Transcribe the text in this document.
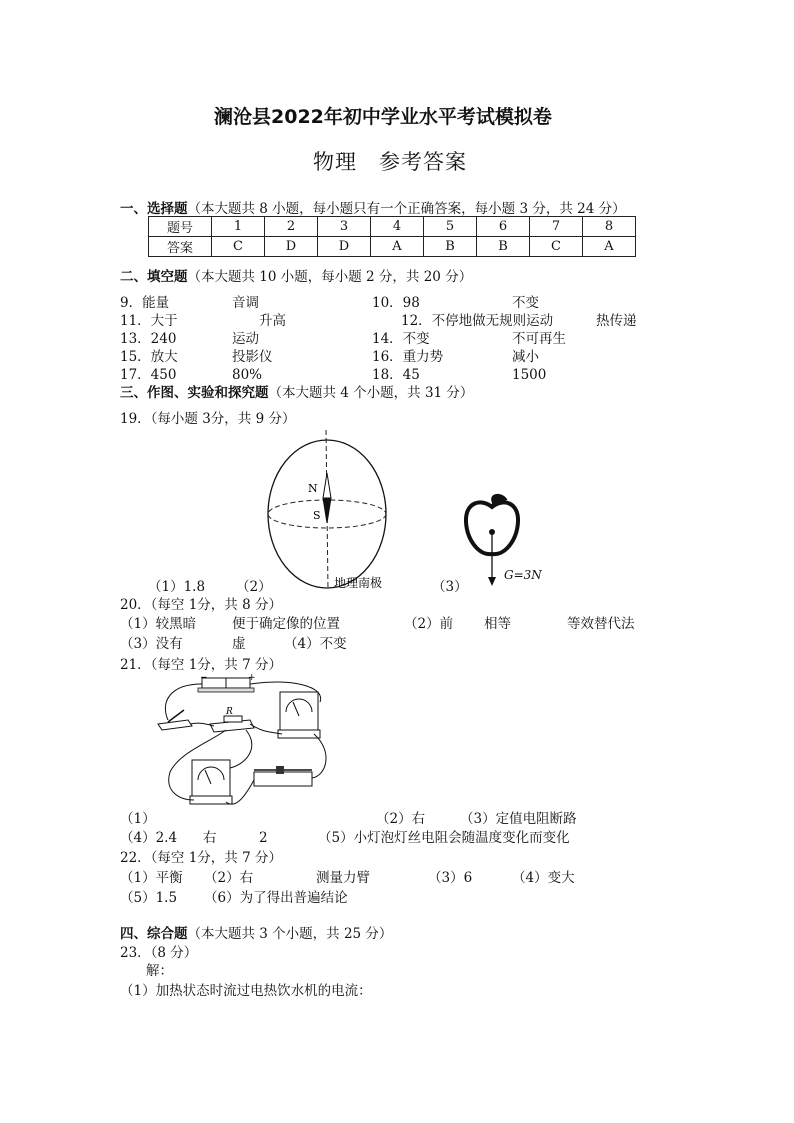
澜沧县2022年初中学业水平考试模拟卷
物理　参考答案
一、选择题（本大题共 8 小题，每小题只有一个正确答案，每小题 3 分，共 24 分）
题号	1	2	3	4	5	6	7	8
答案	C	D	D	A	B	B	C	A
二、填空题（本大题共 10 小题，每小题 2 分，共 20 分）
9．能量	音调	10．98	不变
11．大于	升高	12．不停地做无规则运动	热传递
13．240	运动	14．不变	不可再生
15．放大	投影仪	16．重力势	减小
17．450	80%	18．45	1500
三、作图、实验和探究题（本大题共 4 个小题，共 31 分）
19．（每小题 3分，共 9 分）
N
S
地理南极
G=3N
（1）1.8 （2）	（3）
20．（每空 1分，共 8 分）
（1）较黑暗	便于确定像的位置	（2）前 相等	等效替代法
（3）没有	虚	（4）不变
21．（每空 1分，共 7 分）
−	+
R
（1）	（2）右	（3）定值电阻断路
（4）2.4 右	2	（5）小灯泡灯丝电阻会随温度变化而变化
22．（每空 1分，共 7 分）
（1）平衡 （2）右	测量力臂	（3）6	（4）变大
（5）1.5 （6）为了得出普遍结论
四、综合题（本大题共 3 个小题，共 25 分）
23．（8 分）
解：
（1）加热状态时流过电热饮水机的电流：
